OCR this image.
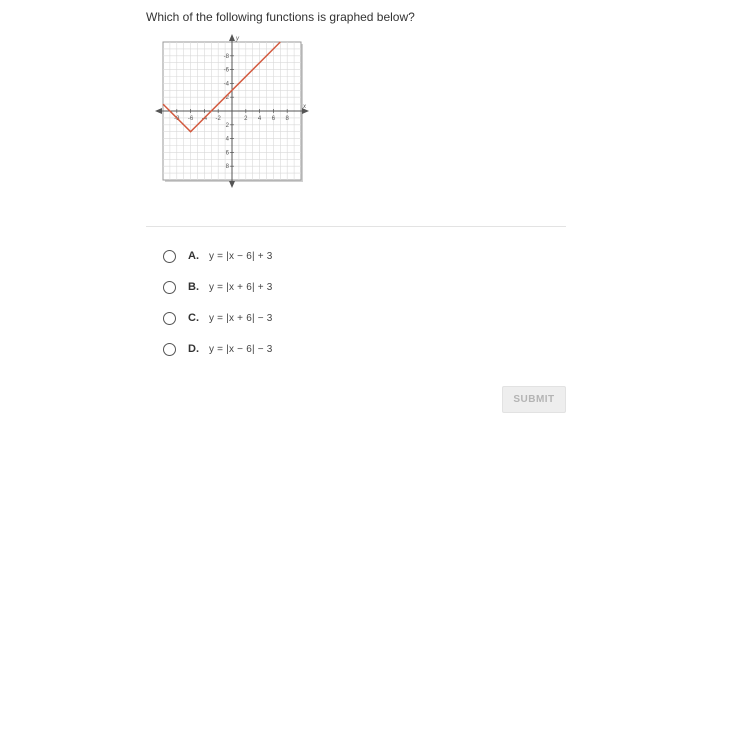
Which of the following functions is graphed below?
x
y
-8 -6 -4 -2	2 4 6 8
8
6
4
2
-2
-4
-6
-8
A.	y = |x − 6| + 3
B.	y = |x + 6| + 3
C.	y = |x + 6| − 3
D.	y = |x − 6| − 3
SUBMIT
